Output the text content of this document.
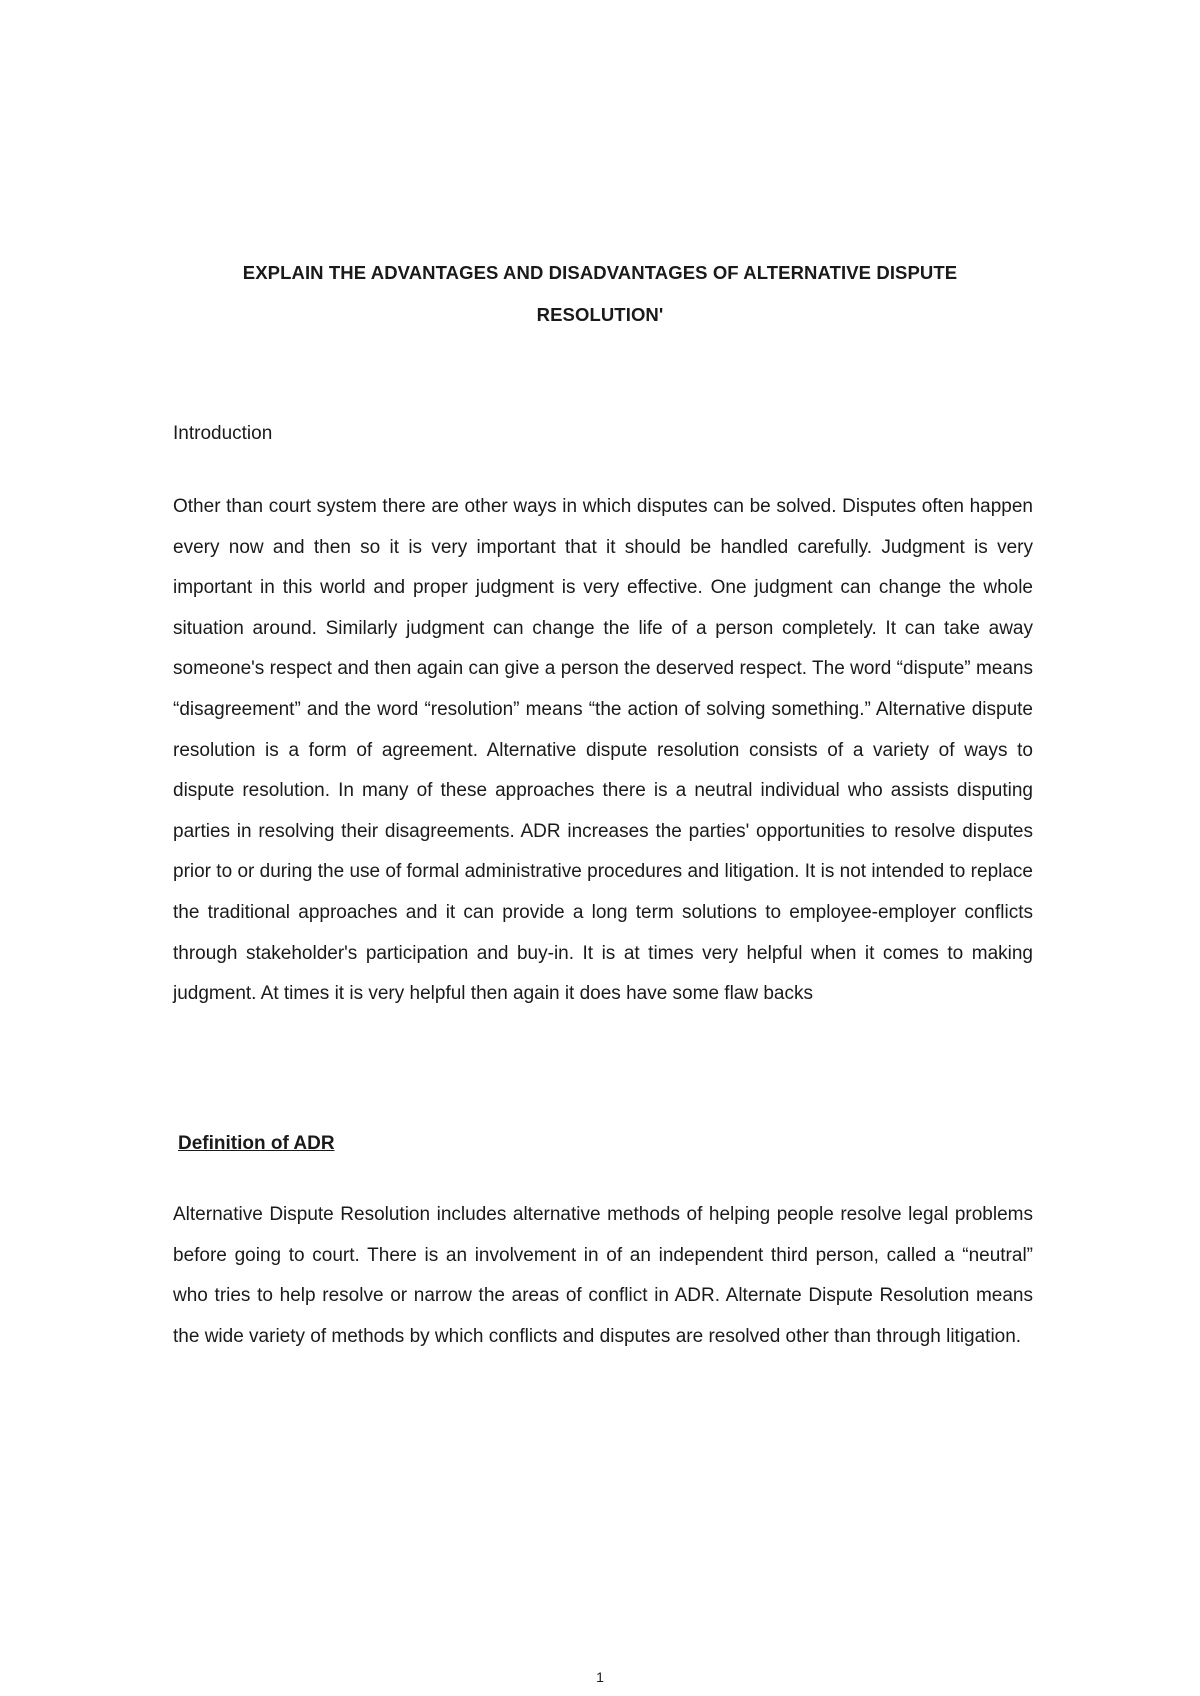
EXPLAIN THE ADVANTAGES AND DISADVANTAGES OF ALTERNATIVE DISPUTE
RESOLUTION'
Introduction

Other than court system there are other ways in which disputes can be solved. Disputes often happen every now and then so it is very important that it should be handled carefully. Judgment is very important in this world and proper judgment is very effective. One judgment can change the whole situation around. Similarly judgment can change the life of a person completely. It can take away someone's respect and then again can give a person the deserved respect. The word “dispute” means “disagreement” and the word “resolution” means “the action of solving something.” Alternative dispute resolution is a form of agreement. Alternative dispute resolution consists of a variety of ways to dispute resolution. In many of these approaches there is a neutral individual who assists disputing parties in resolving their disagreements. ADR increases the parties' opportunities to resolve disputes prior to or during the use of formal administrative procedures and litigation. It is not intended to replace the traditional approaches and it can provide a long term solutions to employee-employer conflicts through stakeholder's participation and buy-in. It is at times very helpful when it comes to making judgment. At times it is very helpful then again it does have some flaw backs

Definition of ADR

Alternative Dispute Resolution includes alternative methods of helping people resolve legal problems before going to court. There is an involvement in of an independent third person, called a “neutral” who tries to help resolve or narrow the areas of conflict in ADR. Alternate Dispute Resolution means the wide variety of methods by which conflicts and disputes are resolved other than through litigation.

1
